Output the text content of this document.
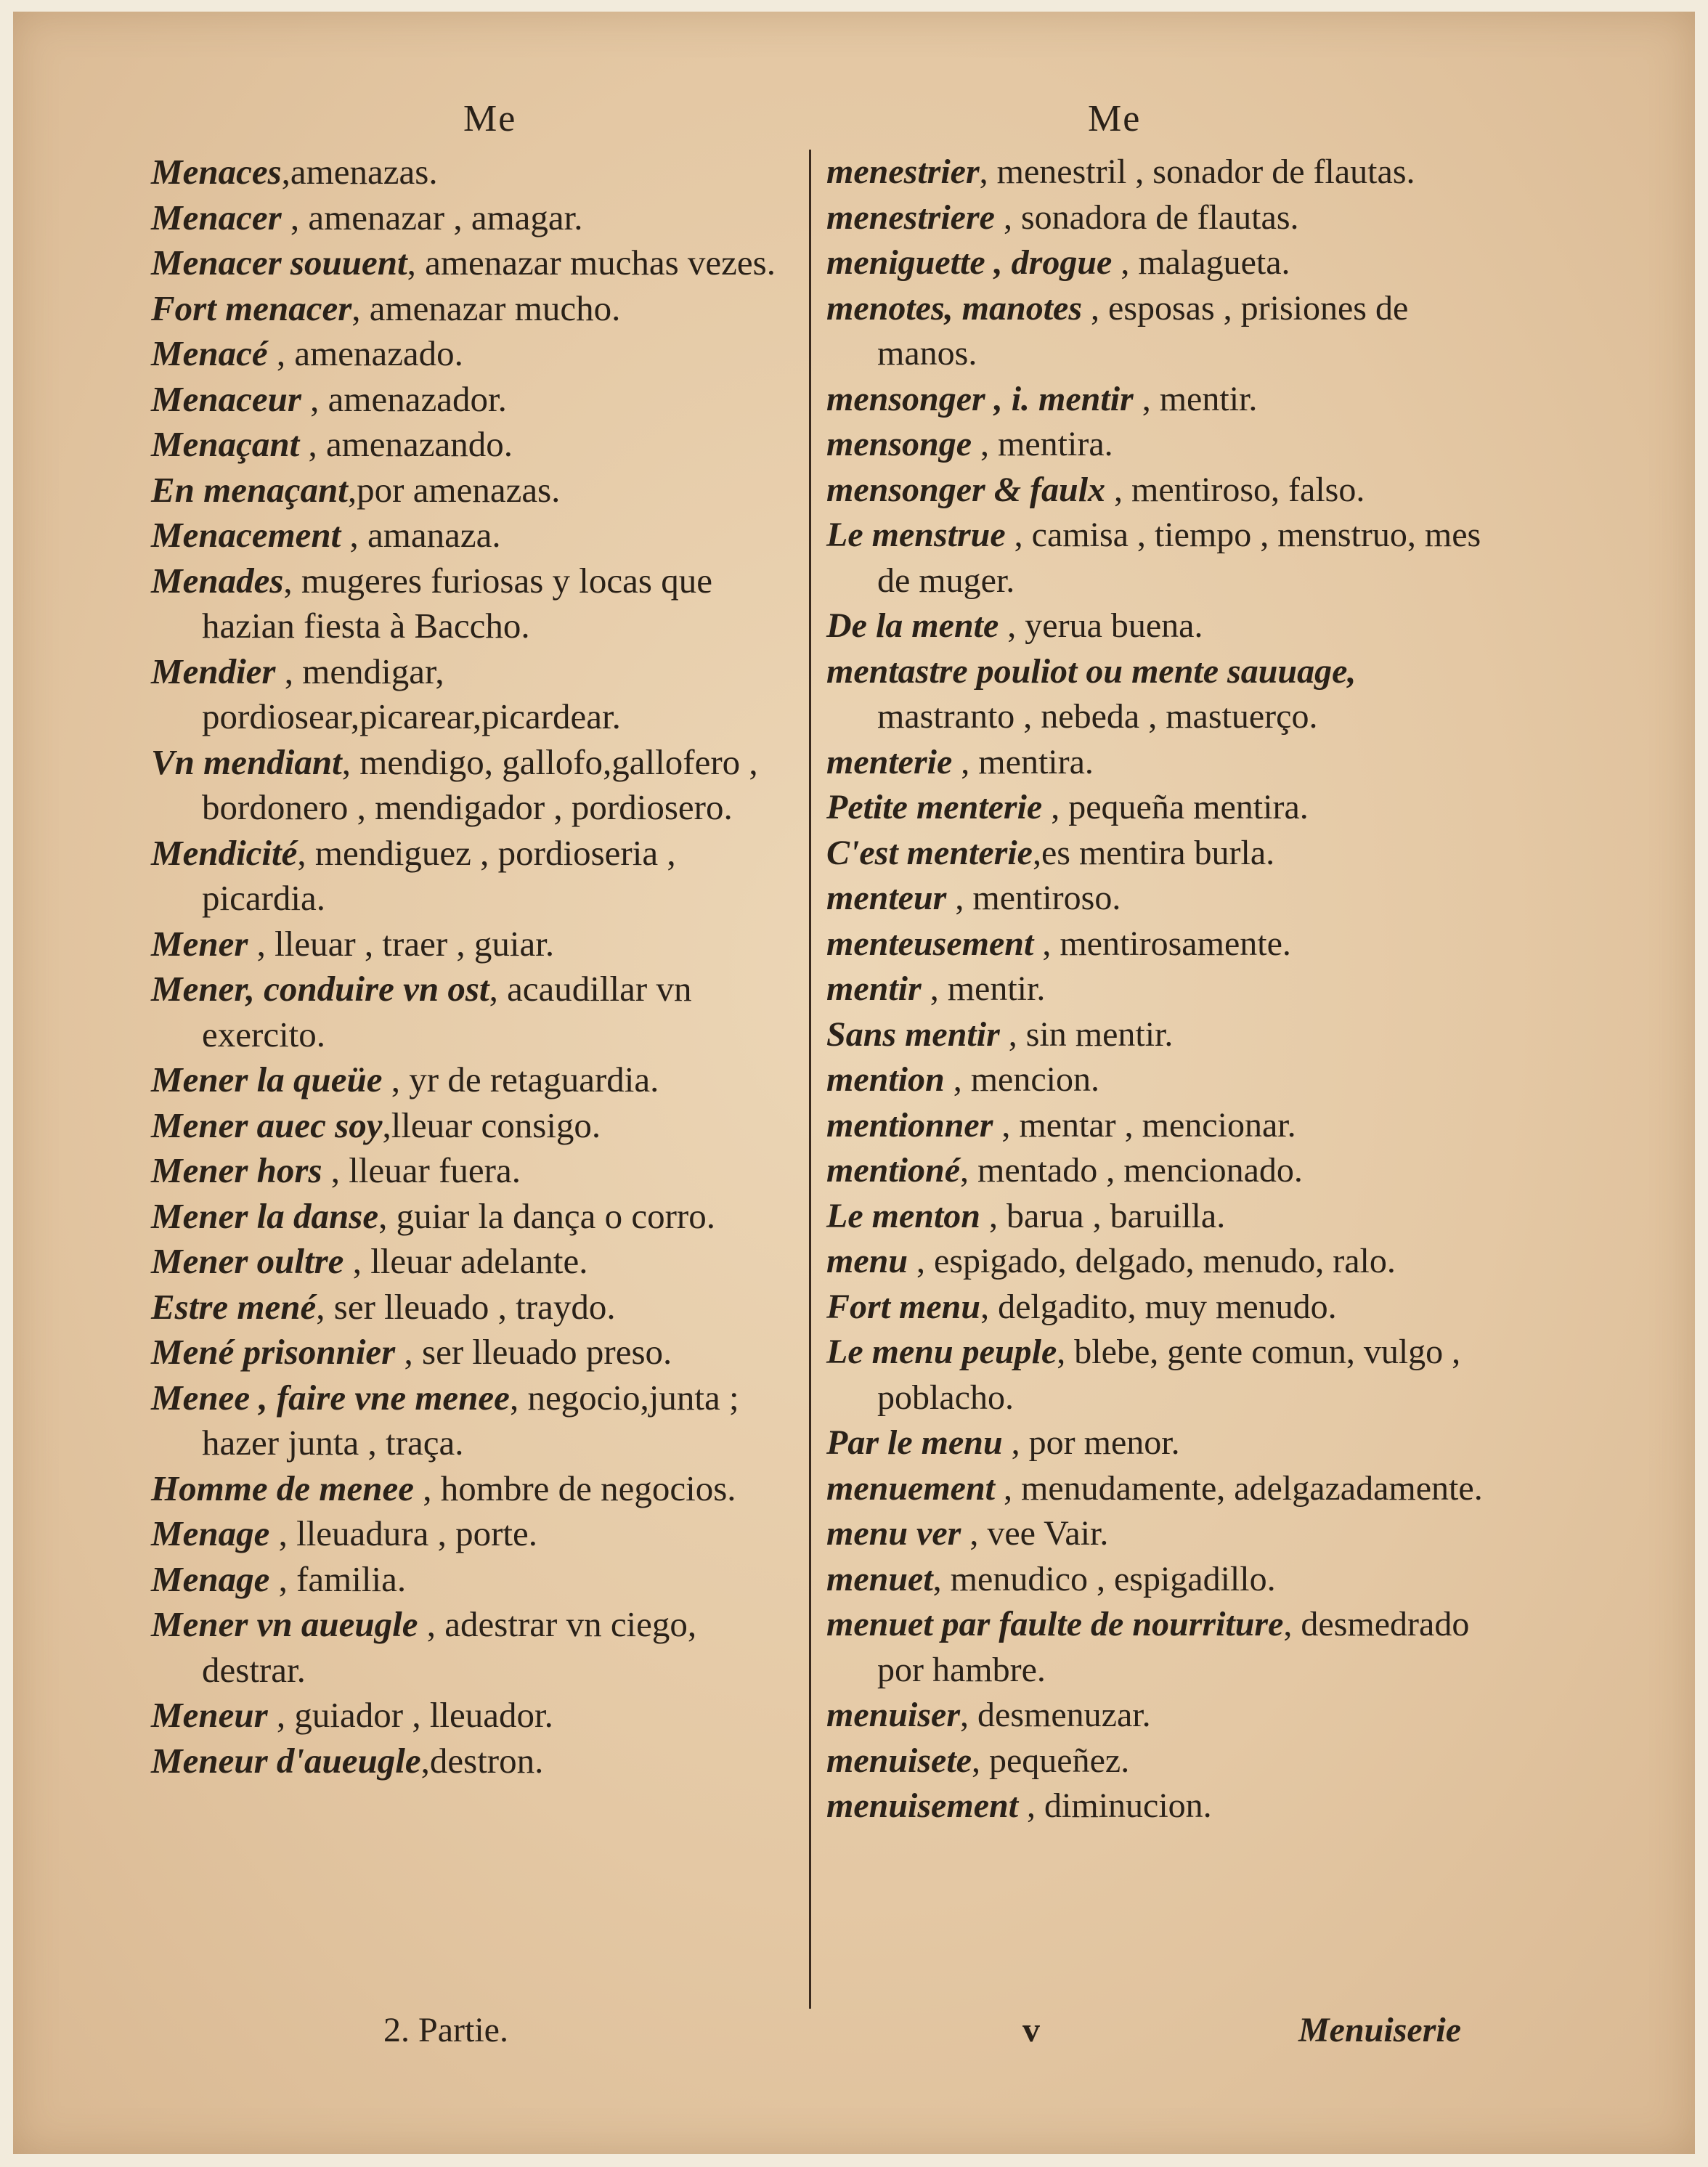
Me	Me
Menaces,amenazas.
Menacer , amenazar , amagar.
Menacer souuent, amenazar muchas vezes.
Fort menacer, amenazar mucho.
Menacé , amenazado.
Menaceur , amenazador.
Menaçant , amenazando.
En menaçant,por amenazas.
Menacement , amanaza.
Menades, mugeres furiosas y locas que hazian fiesta à Baccho.
Mendier , mendigar, pordiosear,picarear,picardear.
Vn mendiant, mendigo, gallofo,gallofero , bordonero , mendigador , pordiosero.
Mendicité, mendiguez , pordioseria , picardia.
Mener , lleuar , traer , guiar.
Mener, conduire vn ost, acaudillar vn exercito.
Mener la queüe , yr de retaguardia.
Mener auec soy,lleuar consigo.
Mener hors , lleuar fuera.
Mener la danse, guiar la dança o corro.
Mener oultre , lleuar adelante.
Estre mené, ser lleuado , traydo.
Mené prisonnier , ser lleuado preso.
Menee , faire vne menee, negocio,junta ; hazer junta , traça.
Homme de menee , hombre de negocios.
Menage , lleuadura , porte.
Menage , familia.
Mener vn aueugle , adestrar vn ciego, destrar.
Meneur , guiador , lleuador.
Meneur d'aueugle,destron.
menestrier, menestril , sonador de flautas.
menestriere , sonadora de flautas.
meniguette , drogue , malagueta.
menotes, manotes , esposas , prisiones de manos.
mensonger , i. mentir , mentir.
mensonge , mentira.
mensonger & faulx , mentiroso, falso.
Le menstrue , camisa , tiempo , menstruo, mes de muger.
De la mente , yerua buena.
mentastre pouliot ou mente sauuage, mastranto , nebeda , mastuerço.
menterie , mentira.
Petite menterie , pequeña mentira.
C'est menterie,es mentira burla.
menteur , mentiroso.
menteusement , mentirosamente.
mentir , mentir.
Sans mentir , sin mentir.
mention , mencion.
mentionner , mentar , mencionar.
mentioné, mentado , mencionado.
Le menton , barua , baruilla.
menu , espigado, delgado, menudo, ralo.
Fort menu, delgadito, muy menudo.
Le menu peuple, blebe, gente comun, vulgo , poblacho.
Par le menu , por menor.
menuement , menudamente, adelgazadamente.
menu ver , vee Vair.
menuet, menudico , espigadillo.
menuet par faulte de nourriture, desmedrado por hambre.
menuiser, desmenuzar.
menuisete, pequeñez.
menuisement , diminucion.
2. Partie.	v	Menuiserie
